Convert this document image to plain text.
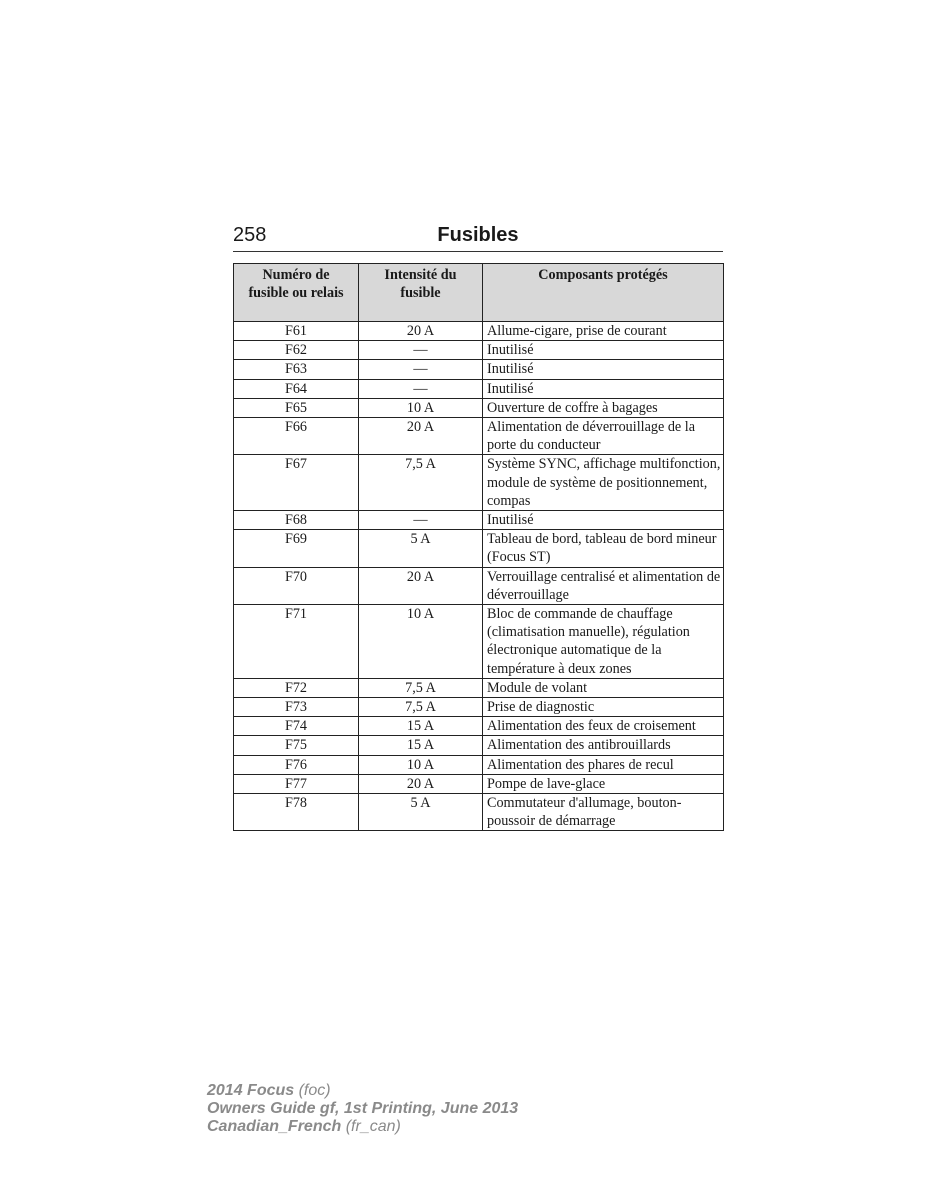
258	Fusibles
Numéro de fusible ou relais	Intensité du fusible	Composants protégés
F61	20 A	Allume-cigare, prise de courant
F62	—	Inutilisé
F63	—	Inutilisé
F64	—	Inutilisé
F65	10 A	Ouverture de coffre à bagages
F66	20 A	Alimentation de déverrouillage de la porte du conducteur
F67	7,5 A	Système SYNC, affichage multifonction, module de système de positionnement, compas
F68	—	Inutilisé
F69	5 A	Tableau de bord, tableau de bord mineur (Focus ST)
F70	20 A	Verrouillage centralisé et alimentation de déverrouillage
F71	10 A	Bloc de commande de chauffage (climatisation manuelle), régulation électronique automatique de la température à deux zones
F72	7,5 A	Module de volant
F73	7,5 A	Prise de diagnostic
F74	15 A	Alimentation des feux de croisement
F75	15 A	Alimentation des antibrouillards
F76	10 A	Alimentation des phares de recul
F77	20 A	Pompe de lave-glace
F78	5 A	Commutateur d'allumage, bouton-poussoir de démarrage
2014 Focus (foc)
Owners Guide gf, 1st Printing, June 2013
Canadian_French (fr_can)
